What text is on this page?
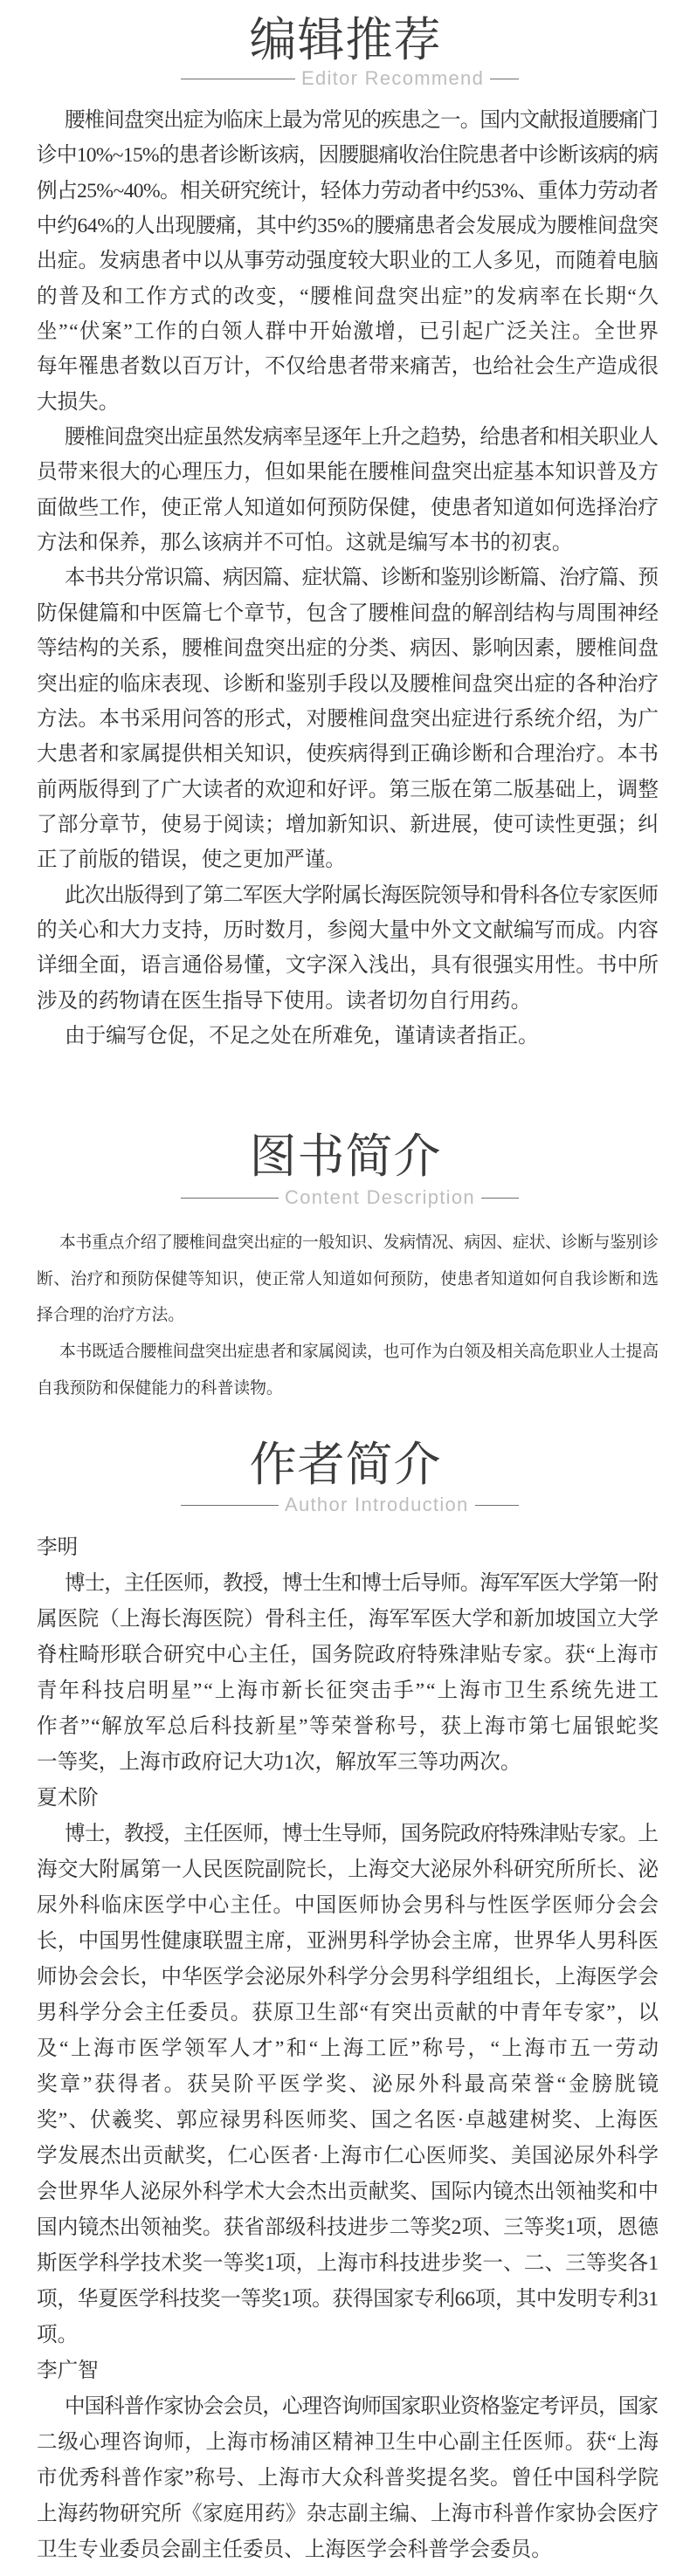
编辑推荐
Editor Recommend
腰椎间盘突出症为临床上最为常见的疾患之一。国内文献报道腰痛门
诊中10%~15%的患者诊断该病，因腰腿痛收治住院患者中诊断该病的病
例占25%~40%。相关研究统计，轻体力劳动者中约53%、重体力劳动者
中约64%的人出现腰痛，其中约35%的腰痛患者会发展成为腰椎间盘突
出症。发病患者中以从事劳动强度较大职业的工人多见，而随着电脑
的普及和工作方式的改变，“腰椎间盘突出症”的发病率在长期“久
坐”“伏案”工作的白领人群中开始激增，已引起广泛关注。全世界
每年罹患者数以百万计，不仅给患者带来痛苦，也给社会生产造成很
大损失。
腰椎间盘突出症虽然发病率呈逐年上升之趋势，给患者和相关职业人
员带来很大的心理压力，但如果能在腰椎间盘突出症基本知识普及方
面做些工作，使正常人知道如何预防保健，使患者知道如何选择治疗
方法和保养，那么该病并不可怕。这就是编写本书的初衷。
本书共分常识篇、病因篇、症状篇、诊断和鉴别诊断篇、治疗篇、预
防保健篇和中医篇七个章节，包含了腰椎间盘的解剖结构与周围神经
等结构的关系，腰椎间盘突出症的分类、病因、影响因素，腰椎间盘
突出症的临床表现、诊断和鉴别手段以及腰椎间盘突出症的各种治疗
方法。本书采用问答的形式，对腰椎间盘突出症进行系统介绍，为广
大患者和家属提供相关知识，使疾病得到正确诊断和合理治疗。本书
前两版得到了广大读者的欢迎和好评。第三版在第二版基础上，调整
了部分章节，使易于阅读；增加新知识、新进展，使可读性更强；纠
正了前版的错误，使之更加严谨。
此次出版得到了第二军医大学附属长海医院领导和骨科各位专家医师
的关心和大力支持，历时数月，参阅大量中外文文献编写而成。内容
详细全面，语言通俗易懂，文字深入浅出，具有很强实用性。书中所
涉及的药物请在医生指导下使用。读者切勿自行用药。
由于编写仓促，不足之处在所难免，谨请读者指正。
图书简介
Content Description
本书重点介绍了腰椎间盘突出症的一般知识、发病情况、病因、症状、诊断与鉴别诊
断、治疗和预防保健等知识，使正常人知道如何预防，使患者知道如何自我诊断和选
择合理的治疗方法。
本书既适合腰椎间盘突出症患者和家属阅读，也可作为白领及相关高危职业人士提高
自我预防和保健能力的科普读物。
作者简介
Author Introduction
李明
博士，主任医师，教授，博士生和博士后导师。海军军医大学第一附
属医院（上海长海医院）骨科主任，海军军医大学和新加坡国立大学
脊柱畸形联合研究中心主任，国务院政府特殊津贴专家。获“上海市
青年科技启明星”“上海市新长征突击手”“上海市卫生系统先进工
作者”“解放军总后科技新星”等荣誉称号，获上海市第七届银蛇奖
一等奖，上海市政府记大功1次，解放军三等功两次。
夏术阶
博士，教授，主任医师，博士生导师，国务院政府特殊津贴专家。上
海交大附属第一人民医院副院长，上海交大泌尿外科研究所所长、泌
尿外科临床医学中心主任。中国医师协会男科与性医学医师分会会
长，中国男性健康联盟主席，亚洲男科学协会主席，世界华人男科医
师协会会长，中华医学会泌尿外科学分会男科学组组长，上海医学会
男科学分会主任委员。获原卫生部“有突出贡献的中青年专家”，以
及“上海市医学领军人才”和“上海工匠”称号，“上海市五一劳动
奖章”获得者。获吴阶平医学奖、泌尿外科最高荣誉“金膀胱镜
奖”、伏羲奖、郭应禄男科医师奖、国之名医·卓越建树奖、上海医
学发展杰出贡献奖，仁心医者·上海市仁心医师奖、美国泌尿外科学
会世界华人泌尿外科学术大会杰出贡献奖、国际内镜杰出领袖奖和中
国内镜杰出领袖奖。获省部级科技进步二等奖2项、三等奖1项，恩德
斯医学科学技术奖一等奖1项，上海市科技进步奖一、二、三等奖各1
项，华夏医学科技奖一等奖1项。获得国家专利66项，其中发明专利31
项。
李广智
中国科普作家协会会员，心理咨询师国家职业资格鉴定考评员，国家
二级心理咨询师，上海市杨浦区精神卫生中心副主任医师。获“上海
市优秀科普作家”称号、上海市大众科普奖提名奖。曾任中国科学院
上海药物研究所《家庭用药》杂志副主编、上海市科普作家协会医疗
卫生专业委员会副主任委员、上海医学会科普学会委员。
